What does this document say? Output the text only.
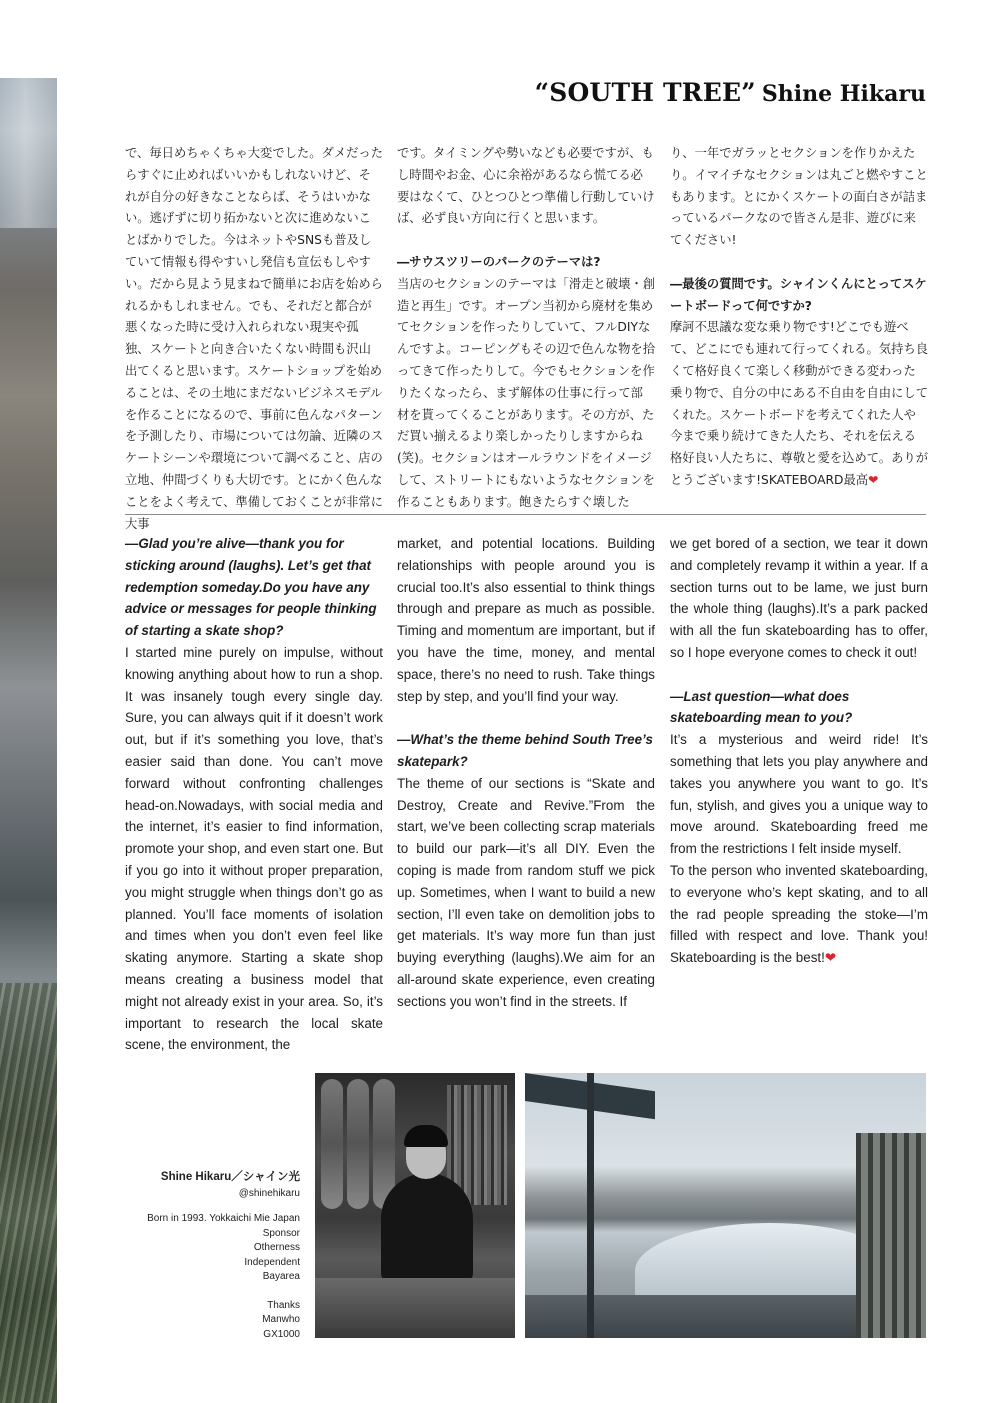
“SOUTH TREE” Shine Hikaru

で、毎日めちゃくちゃ大変でした。ダメだったらすぐに止めればいいかもしれないけど、それが自分の好きなことならば、そうはいかない。逃げずに切り拓かないと次に進めないことばかりでした。今はネットやSNSも普及していて情報も得やすいし発信も宣伝もしやすい。だから見よう見まねで簡単にお店を始められるかもしれません。でも、それだと都合が悪くなった時に受け入れられない現実や孤独、スケートと向き合いたくない時間も沢山出てくると思います。スケートショップを始めることは、その土地にまだないビジネスモデルを作ることになるので、事前に色んなパターンを予測したり、市場については勿論、近隣のスケートシーンや環境について調べること、店の立地、仲間づくりも大切です。とにかく色んなことをよく考えて、準備しておくことが非常に大事

です。タイミングや勢いなども必要ですが、もし時間やお金、心に余裕があるなら慌てる必要はなくて、ひとつひとつ準備し行動していけば、必ず良い方向に行くと思います。

―サウスツリーのパークのテーマは?

当店のセクションのテーマは「滑走と破壊・創造と再生」です。オープン当初から廃材を集めてセクションを作ったりしていて、フルDIYなんですよ。コーピングもその辺で色んな物を拾ってきて作ったりして。今でもセクションを作りたくなったら、まず解体の仕事に行って部材を貰ってくることがあります。その方が、ただ買い揃えるより楽しかったりしますからね(笑)。セクションはオールラウンドをイメージして、ストリートにもないようなセクションを作ることもあります。飽きたらすぐ壊した

り、一年でガラッとセクションを作りかえたり。イマイチなセクションは丸ごと燃やすこともあります。とにかくスケートの面白さが詰まっているパークなので皆さん是非、遊びに来てください!

―最後の質問です。シャインくんにとってスケートボードって何ですか?

摩訶不思議な変な乗り物です!どこでも遊べて、どこにでも連れて行ってくれる。気持ち良くて格好良くて楽しく移動ができる変わった乗り物で、自分の中にある不自由を自由にしてくれた。スケートボードを考えてくれた人や今まで乗り続けてきた人たち、それを伝える格好良い人たちに、尊敬と愛を込めて。ありがとうございます!SKATEBOARD最高❤

―Glad you’re alive—thank you for sticking around (laughs). Let’s get that redemption someday.Do you have any advice or messages for people thinking of starting a skate shop?

I started mine purely on impulse, without knowing anything about how to run a shop. It was insanely tough every single day. Sure, you can always quit if it doesn’t work out, but if it’s something you love, that’s easier said than done. You can’t move forward without confronting challenges head-on.Nowadays, with social media and the internet, it’s easier to find information, promote your shop, and even start one. But if you go into it without proper preparation, you might struggle when things don’t go as planned. You’ll face moments of isolation and times when you don’t even feel like skating anymore. Starting a skate shop means creating a business model that might not already exist in your area. So, it’s important to research the local skate scene, the environment, the

market, and potential locations. Building relationships with people around you is crucial too.It’s also essential to think things through and prepare as much as possible. Timing and momentum are important, but if you have the time, money, and mental space, there’s no need to rush. Take things step by step, and you’ll find your way.

―What’s the theme behind South Tree’s skatepark?

The theme of our sections is “Skate and Destroy, Create and Revive.”From the start, we’ve been collecting scrap materials to build our park—it’s all DIY. Even the coping is made from random stuff we pick up. Sometimes, when I want to build a new section, I’ll even take on demolition jobs to get materials. It’s way more fun than just buying everything (laughs).We aim for an all-around skate experience, even creating sections you won’t find in the streets. If

we get bored of a section, we tear it down and completely revamp it within a year. If a section turns out to be lame, we just burn the whole thing (laughs).It’s a park packed with all the fun skateboarding has to offer, so I hope everyone comes to check it out!

―Last question—what does skateboarding mean to you?

It’s a mysterious and weird ride! It’s something that lets you play anywhere and takes you anywhere you want to go. It’s fun, stylish, and gives you a unique way to move around. Skateboarding freed me from the restrictions I felt inside myself.

To the person who invented skateboarding, to everyone who’s kept skating, and to all the rad people spreading the stoke—I’m filled with respect and love. Thank you! Skateboarding is the best!❤

Shine Hikaru／シャイン光
@shinehikaru
Born in 1993. Yokkaichi Mie Japan
Sponsor
Otherness
Independent
Bayarea
Thanks
Manwho
GX1000
